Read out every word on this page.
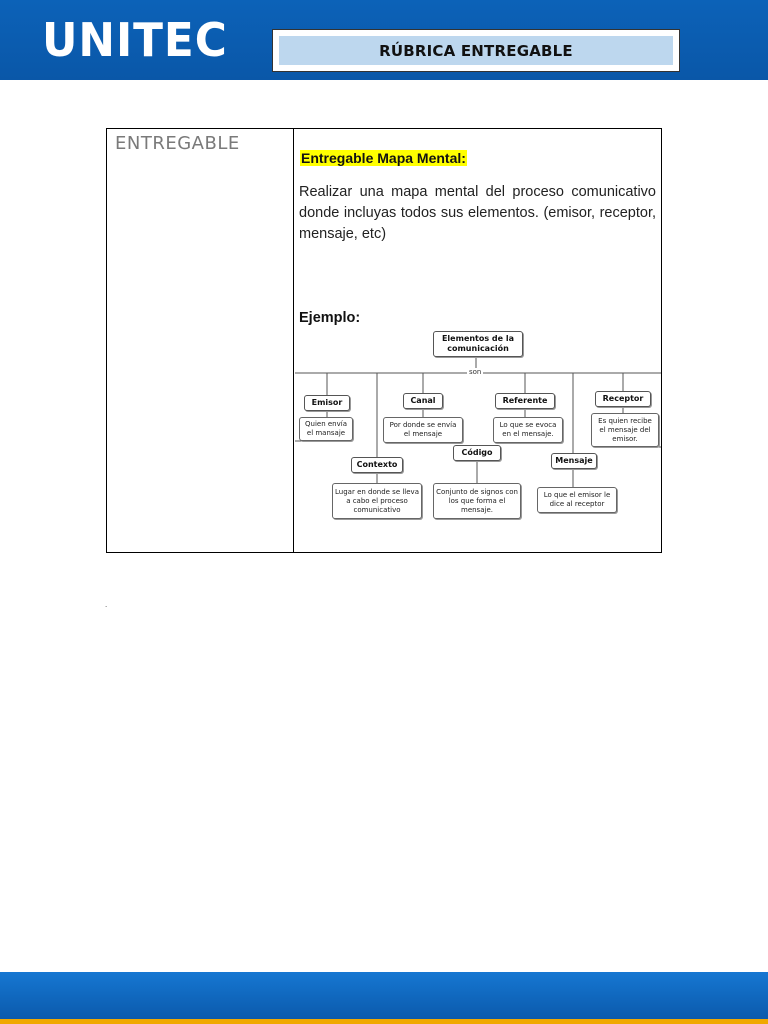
UNITEC	RÚBRICA ENTREGABLE
ENTREGABLE
Entregable Mapa Mental:
Realizar una mapa mental del proceso comunicativo donde incluyas todos sus elementos. (emisor, receptor, mensaje, etc)
Ejemplo:
Elementos de la comunicación
son
Emisor
Quien envía el mansaje
Contexto
Lugar en donde se lleva a cabo el proceso comunicativo
Canal
Por donde se envía el mensaje
Código
Conjunto de signos con los que forma el mensaje.
Referente
Lo que se evoca en el mensaje.
Mensaje
Lo que el emisor le dice al receptor
Receptor
Es quien recibe el mensaje del emisor.
.
